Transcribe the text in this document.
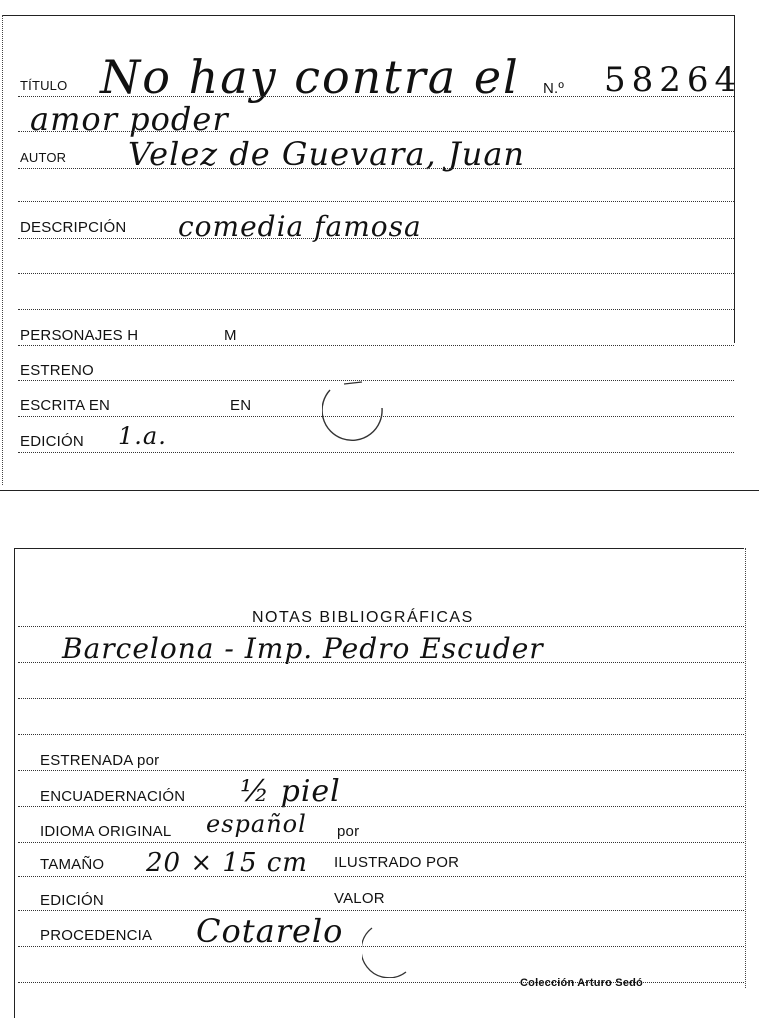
TÍTULO No hay contra el N.º 58264
amor poder
AUTOR Velez de Guevara, Juan
DESCRIPCIÓN comedia famosa
PERSONAJES H	M
ESTRENO
ESCRITA EN	EN
EDICIÓN 1.a.
NOTAS BIBLIOGRÁFICAS
Barcelona - Imp. Pedro Escuder
ESTRENADA por
ENCUADERNACIÓN ½ piel
IDIOMA ORIGINAL español por
TAMAÑO 20 × 15 cm ILUSTRADO POR
EDICIÓN	VALOR
PROCEDENCIA Cotarelo
Colección Arturo Sedó
